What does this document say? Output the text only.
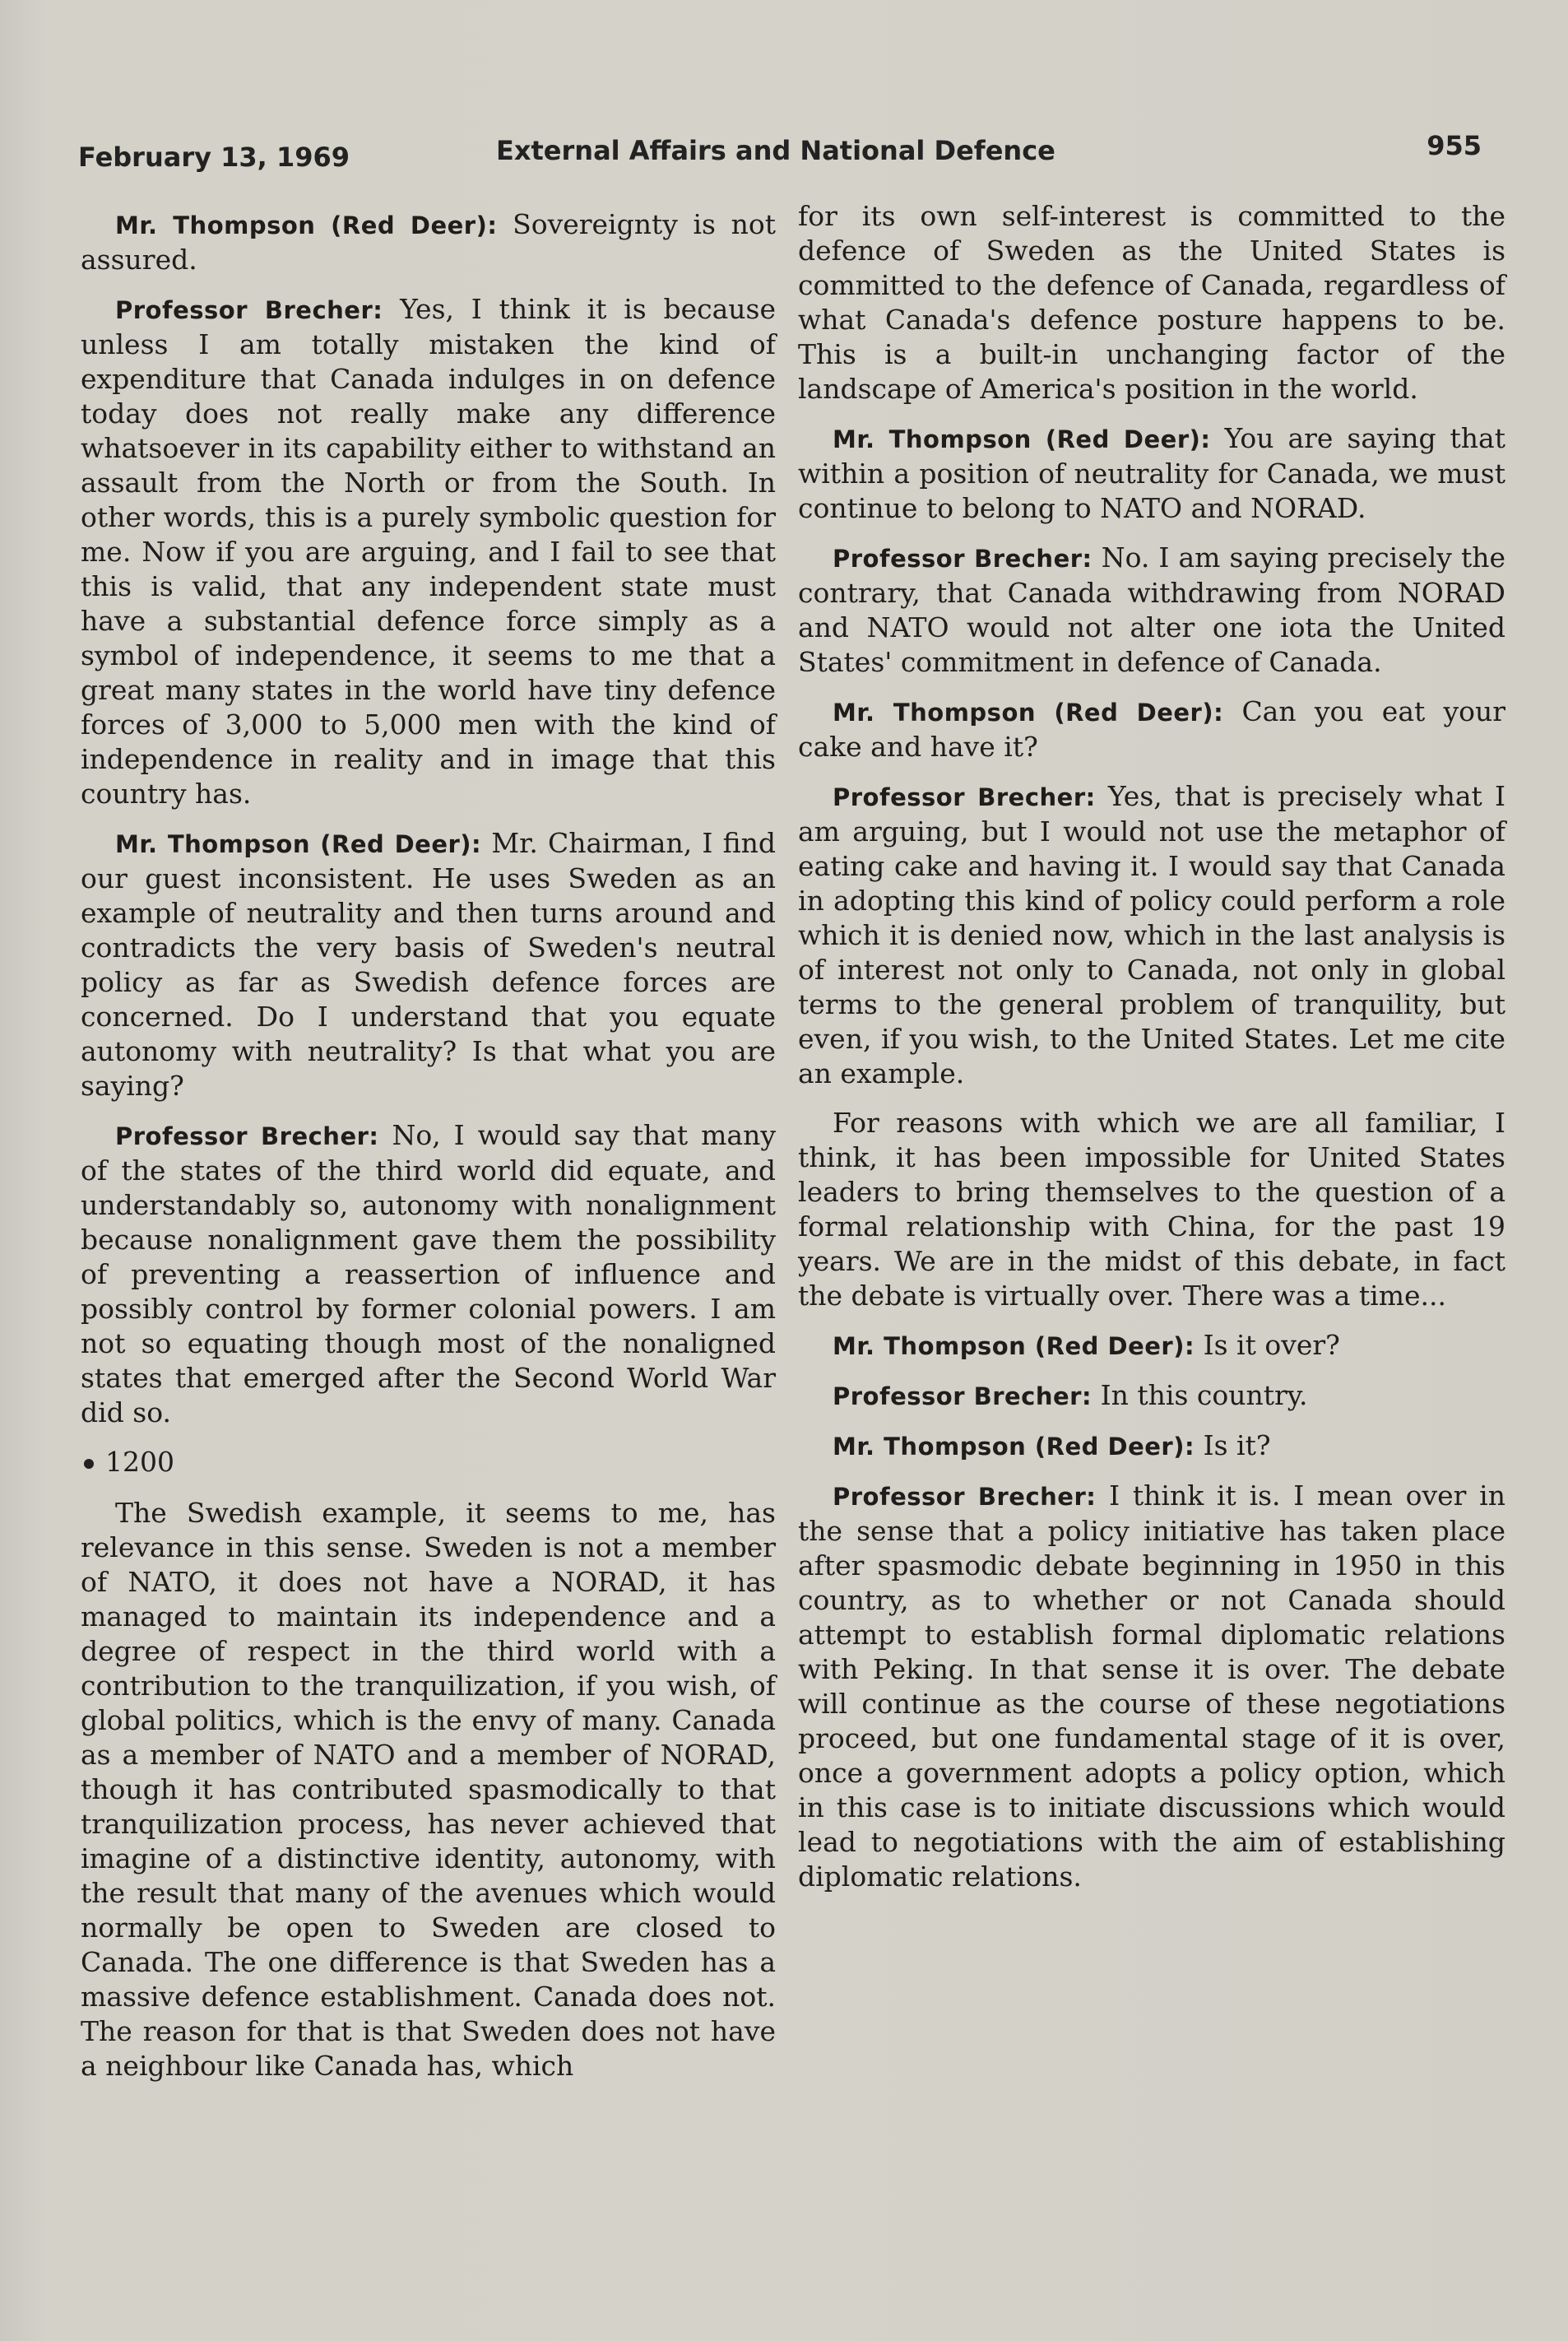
February 13, 1969	External Affairs and National Defence	955

Mr. Thompson (Red Deer): Sovereignty is not assured.

Professor Brecher: Yes, I think it is because unless I am totally mistaken the kind of expenditure that Canada indulges in on defence today does not really make any difference whatsoever in its capability either to withstand an assault from the North or from the South. In other words, this is a purely symbolic question for me. Now if you are arguing, and I fail to see that this is valid, that any independent state must have a substantial defence force simply as a symbol of independence, it seems to me that a great many states in the world have tiny defence forces of 3,000 to 5,000 men with the kind of independence in reality and in image that this country has.

Mr. Thompson (Red Deer): Mr. Chairman, I find our guest inconsistent. He uses Sweden as an example of neutrality and then turns around and contradicts the very basis of Sweden's neutral policy as far as Swedish defence forces are concerned. Do I understand that you equate autonomy with neutrality? Is that what you are saying?

Professor Brecher: No, I would say that many of the states of the third world did equate, and understandably so, autonomy with nonalignment because nonalignment gave them the possibility of preventing a reassertion of influence and possibly control by former colonial powers. I am not so equating though most of the nonaligned states that emerged after the Second World War did so.

1200

The Swedish example, it seems to me, has relevance in this sense. Sweden is not a member of NATO, it does not have a NORAD, it has managed to maintain its independence and a degree of respect in the third world with a contribution to the tranquilization, if you wish, of global politics, which is the envy of many. Canada as a member of NATO and a member of NORAD, though it has contributed spasmodically to that tranquilization process, has never achieved that imagine of a distinctive identity, autonomy, with the result that many of the avenues which would normally be open to Sweden are closed to Canada. The one difference is that Sweden has a massive defence establishment. Canada does not. The reason for that is that Sweden does not have a neighbour like Canada has, which

for its own self-interest is committed to the defence of Sweden as the United States is committed to the defence of Canada, regardless of what Canada's defence posture happens to be. This is a built-in unchanging factor of the landscape of America's position in the world.

Mr. Thompson (Red Deer): You are saying that within a position of neutrality for Canada, we must continue to belong to NATO and NORAD.

Professor Brecher: No. I am saying precisely the contrary, that Canada withdrawing from NORAD and NATO would not alter one iota the United States' commitment in defence of Canada.

Mr. Thompson (Red Deer): Can you eat your cake and have it?

Professor Brecher: Yes, that is precisely what I am arguing, but I would not use the metaphor of eating cake and having it. I would say that Canada in adopting this kind of policy could perform a role which it is denied now, which in the last analysis is of interest not only to Canada, not only in global terms to the general problem of tranquility, but even, if you wish, to the United States. Let me cite an example.

For reasons with which we are all familiar, I think, it has been impossible for United States leaders to bring themselves to the question of a formal relationship with China, for the past 19 years. We are in the midst of this debate, in fact the debate is virtually over. There was a time...

Mr. Thompson (Red Deer): Is it over?

Professor Brecher: In this country.

Mr. Thompson (Red Deer): Is it?

Professor Brecher: I think it is. I mean over in the sense that a policy initiative has taken place after spasmodic debate beginning in 1950 in this country, as to whether or not Canada should attempt to establish formal diplomatic relations with Peking. In that sense it is over. The debate will continue as the course of these negotiations proceed, but one fundamental stage of it is over, once a government adopts a policy option, which in this case is to initiate discussions which would lead to negotiations with the aim of establishing diplomatic relations.
